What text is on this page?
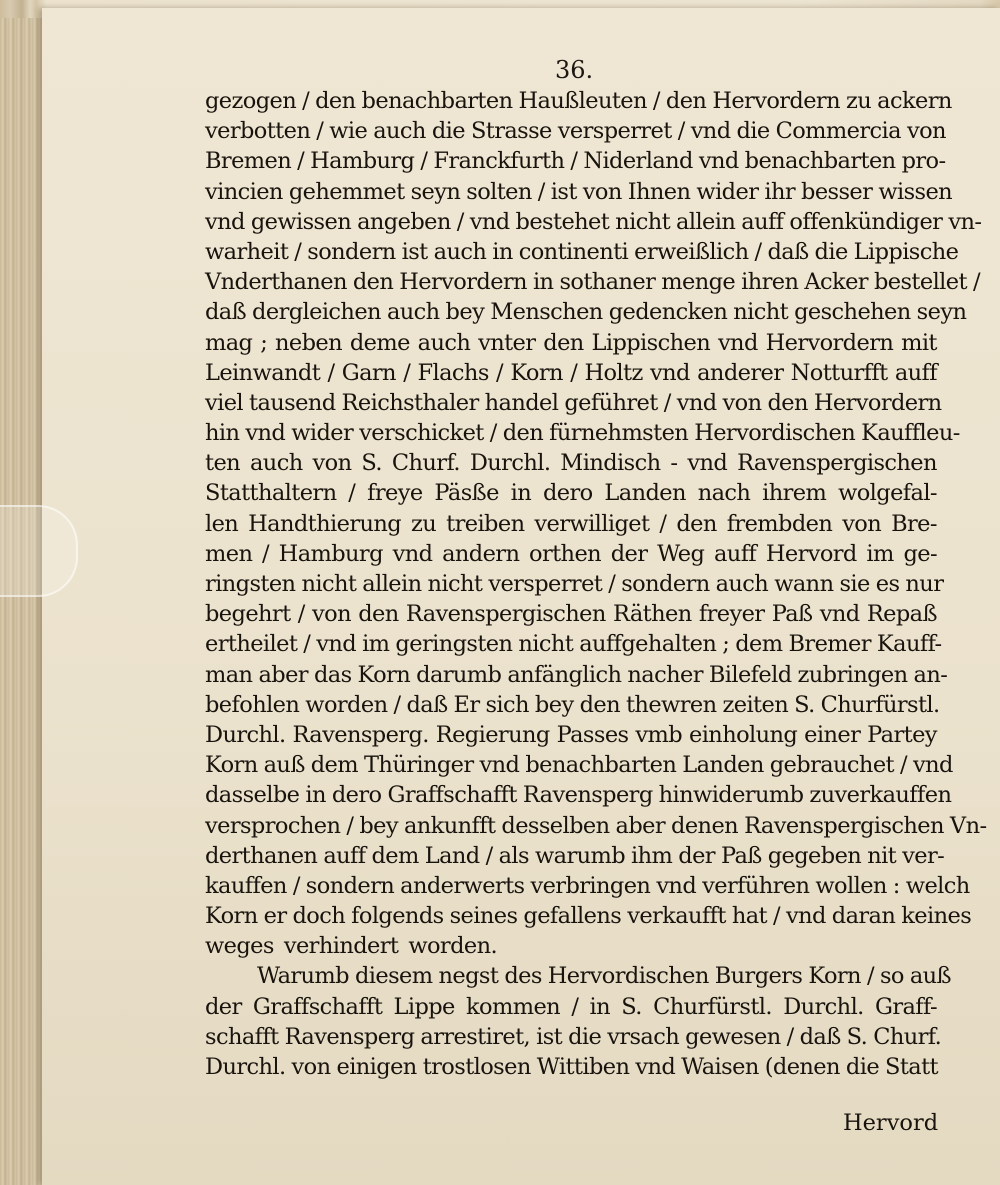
36.
gezogen / den benachbarten Haußleuten / den Hervordern zu ackern
verbotten / wie auch die Strasse versperret / vnd die Commercia von
Bremen / Hamburg / Franckfurth / Niderland vnd benachbarten pro-
vincien gehemmet seyn solten / ist von Ihnen wider ihr besser wissen
vnd gewissen angeben / vnd bestehet nicht allein auff offenkündiger vn-
warheit / sondern ist auch in continenti erweißlich / daß die Lippische
Vnderthanen den Hervordern in sothaner menge ihren Acker bestellet /
daß dergleichen auch bey Menschen gedencken nicht geschehen seyn
mag ; neben deme auch vnter den Lippischen vnd Hervordern mit
Leinwandt / Garn / Flachs / Korn / Holtz vnd anderer Notturfft auff
viel tausend Reichsthaler handel geführet / vnd von den Hervordern
hin vnd wider verschicket / den fürnehmsten Hervordischen Kauffleu-
ten auch von S. Churf. Durchl. Mindisch - vnd Ravenspergischen
Statthaltern / freye Päsße in dero Landen nach ihrem wolgefal-
len Handthierung zu treiben verwilliget / den frembden von Bre-
men / Hamburg vnd andern orthen der Weg auff Hervord im ge-
ringsten nicht allein nicht versperret / sondern auch wann sie es nur
begehrt / von den Ravenspergischen Räthen freyer Paß vnd Repaß
ertheilet / vnd im geringsten nicht auffgehalten ; dem Bremer Kauff-
man aber das Korn darumb anfänglich nacher Bilefeld zubringen an-
befohlen worden / daß Er sich bey den thewren zeiten S. Churfürstl.
Durchl. Ravensperg. Regierung Passes vmb einholung einer Partey
Korn auß dem Thüringer vnd benachbarten Landen gebrauchet / vnd
dasselbe in dero Graffschafft Ravensperg hinwiderumb zuverkauffen
versprochen / bey ankunfft desselben aber denen Ravenspergischen Vn-
derthanen auff dem Land / als warumb ihm der Paß gegeben nit ver-
kauffen / sondern anderwerts verbringen vnd verführen wollen : welch
Korn er doch folgends seines gefallens verkaufft hat / vnd daran keines
weges verhindert worden.
Warumb diesem negst des Hervordischen Burgers Korn / so auß
der Graffschafft Lippe kommen / in S. Churfürstl. Durchl. Graff-
schafft Ravensperg arrestiret, ist die vrsach gewesen / daß S. Churf.
Durchl. von einigen trostlosen Wittiben vnd Waisen (denen die Statt
Hervord
